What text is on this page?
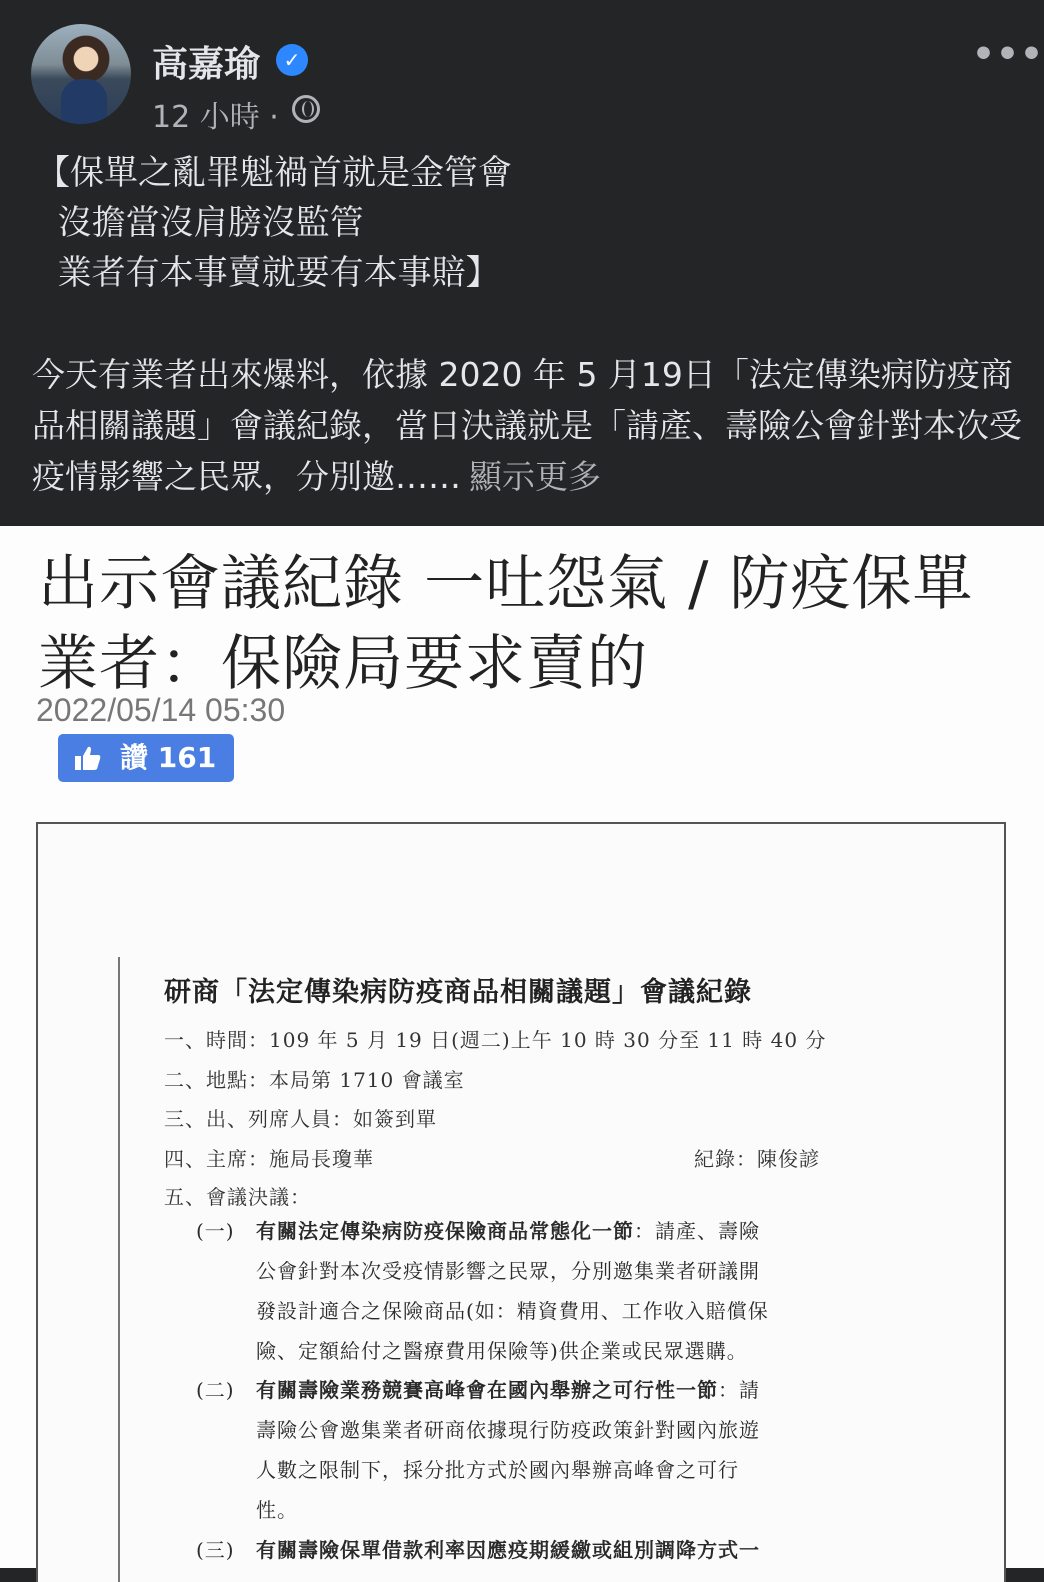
高嘉瑜	✓
12 小時 ·
•••
【保單之亂罪魁禍首就是金管會
沒擔當沒肩膀沒監管
業者有本事賣就要有本事賠】
今天有業者出來爆料，依據 2020 年 5 月19日「法定傳染病防疫商品相關議題」會議紀錄，當日決議就是「請產、壽險公會針對本次受疫情影響之民眾，分別邀…… 顯示更多
出示會議紀錄 一吐怨氣 / 防疫保單
業者：保險局要求賣的
2022/05/14 05:30
讚 161
研商「法定傳染病防疫商品相關議題」會議紀錄
一、時間：109 年 5 月 19 日(週二)上午 10 時 30 分至 11 時 40 分
二、地點：本局第 1710 會議室
三、出、列席人員：如簽到單
四、主席：施局長瓊華	紀錄：陳俊諺
五、會議決議：
(一) 有關法定傳染病防疫保險商品常態化一節：請產、壽險
公會針對本次受疫情影響之民眾，分別邀集業者研議開
發設計適合之保險商品(如：精資費用、工作收入賠償保
險、定額給付之醫療費用保險等)供企業或民眾選購。
(二) 有關壽險業務競賽高峰會在國內舉辦之可行性一節：請
壽險公會邀集業者研商依據現行防疫政策針對國內旅遊
人數之限制下，採分批方式於國內舉辦高峰會之可行
性。
(三) 有關壽險保單借款利率因應疫期緩繳或組別調降方式一
